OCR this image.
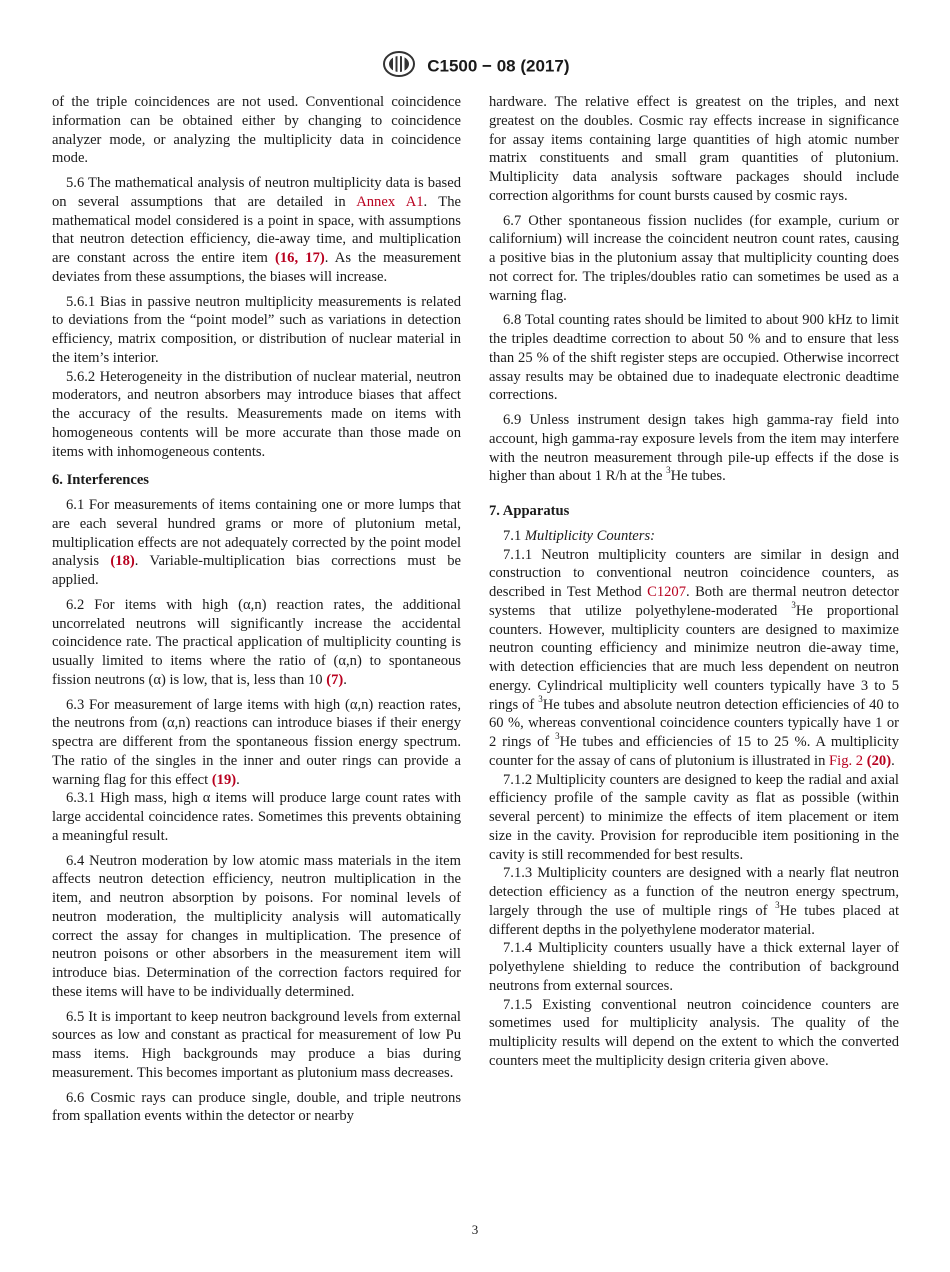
C1500 − 08 (2017)

of the triple coincidences are not used. Conventional coincidence information can be obtained either by changing to coincidence analyzer mode, or analyzing the multiplicity data in coincidence mode.

5.6 The mathematical analysis of neutron multiplicity data is based on several assumptions that are detailed in Annex A1. The mathematical model considered is a point in space, with assumptions that neutron detection efficiency, die-away time, and multiplication are constant across the entire item (16, 17). As the measurement deviates from these assumptions, the biases will increase.

5.6.1 Bias in passive neutron multiplicity measurements is related to deviations from the “point model” such as variations in detection efficiency, matrix composition, or distribution of nuclear material in the item’s interior.

5.6.2 Heterogeneity in the distribution of nuclear material, neutron moderators, and neutron absorbers may introduce biases that affect the accuracy of the results. Measurements made on items with homogeneous contents will be more accurate than those made on items with inhomogeneous contents.

6. Interferences

6.1 For measurements of items containing one or more lumps that are each several hundred grams or more of plutonium metal, multiplication effects are not adequately corrected by the point model analysis (18). Variable-multiplication bias corrections must be applied.

6.2 For items with high (α,n) reaction rates, the additional uncorrelated neutrons will significantly increase the accidental coincidence rate. The practical application of multiplicity counting is usually limited to items where the ratio of (α,n) to spontaneous fission neutrons (α) is low, that is, less than 10 (7).

6.3 For measurement of large items with high (α,n) reaction rates, the neutrons from (α,n) reactions can introduce biases if their energy spectra are different from the spontaneous fission energy spectrum. The ratio of the singles in the inner and outer rings can provide a warning flag for this effect (19).

6.3.1 High mass, high α items will produce large count rates with large accidental coincidence rates. Sometimes this prevents obtaining a meaningful result.

6.4 Neutron moderation by low atomic mass materials in the item affects neutron detection efficiency, neutron multiplication in the item, and neutron absorption by poisons. For nominal levels of neutron moderation, the multiplicity analysis will automatically correct the assay for changes in multiplication. The presence of neutron poisons or other absorbers in the measurement item will introduce bias. Determination of the correction factors required for these items will have to be individually determined.

6.5 It is important to keep neutron background levels from external sources as low and constant as practical for measurement of low Pu mass items. High backgrounds may produce a bias during measurement. This becomes important as plutonium mass decreases.

6.6 Cosmic rays can produce single, double, and triple neutrons from spallation events within the detector or nearby

hardware. The relative effect is greatest on the triples, and next greatest on the doubles. Cosmic ray effects increase in significance for assay items containing large quantities of high atomic number matrix constituents and small gram quantities of plutonium. Multiplicity data analysis software packages should include correction algorithms for count bursts caused by cosmic rays.

6.7 Other spontaneous fission nuclides (for example, curium or californium) will increase the coincident neutron count rates, causing a positive bias in the plutonium assay that multiplicity counting does not correct for. The triples/doubles ratio can sometimes be used as a warning flag.

6.8 Total counting rates should be limited to about 900 kHz to limit the triples deadtime correction to about 50 % and to ensure that less than 25 % of the shift register steps are occupied. Otherwise incorrect assay results may be obtained due to inadequate electronic deadtime corrections.

6.9 Unless instrument design takes high gamma-ray field into account, high gamma-ray exposure levels from the item may interfere with the neutron measurement through pile-up effects if the dose is higher than about 1 R/h at the $^3$He tubes.

7. Apparatus

7.1 Multiplicity Counters:

7.1.1 Neutron multiplicity counters are similar in design and construction to conventional neutron coincidence counters, as described in Test Method C1207. Both are thermal neutron detector systems that utilize polyethylene-moderated $^3$He proportional counters. However, multiplicity counters are designed to maximize neutron counting efficiency and minimize neutron die-away time, with detection efficiencies that are much less dependent on neutron energy. Cylindrical multiplicity well counters typically have 3 to 5 rings of $^3$He tubes and absolute neutron detection efficiencies of 40 to 60 %, whereas conventional coincidence counters typically have 1 or 2 rings of $^3$He tubes and efficiencies of 15 to 25 %. A multiplicity counter for the assay of cans of plutonium is illustrated in Fig. 2 (20).

7.1.2 Multiplicity counters are designed to keep the radial and axial efficiency profile of the sample cavity as flat as possible (within several percent) to minimize the effects of item placement or item size in the cavity. Provision for reproducible item positioning in the cavity is still recommended for best results.

7.1.3 Multiplicity counters are designed with a nearly flat neutron detection efficiency as a function of the neutron energy spectrum, largely through the use of multiple rings of $^3$He tubes placed at different depths in the polyethylene moderator material.

7.1.4 Multiplicity counters usually have a thick external layer of polyethylene shielding to reduce the contribution of background neutrons from external sources.

7.1.5 Existing conventional neutron coincidence counters are sometimes used for multiplicity analysis. The quality of the multiplicity results will depend on the extent to which the converted counters meet the multiplicity design criteria given above.

3
